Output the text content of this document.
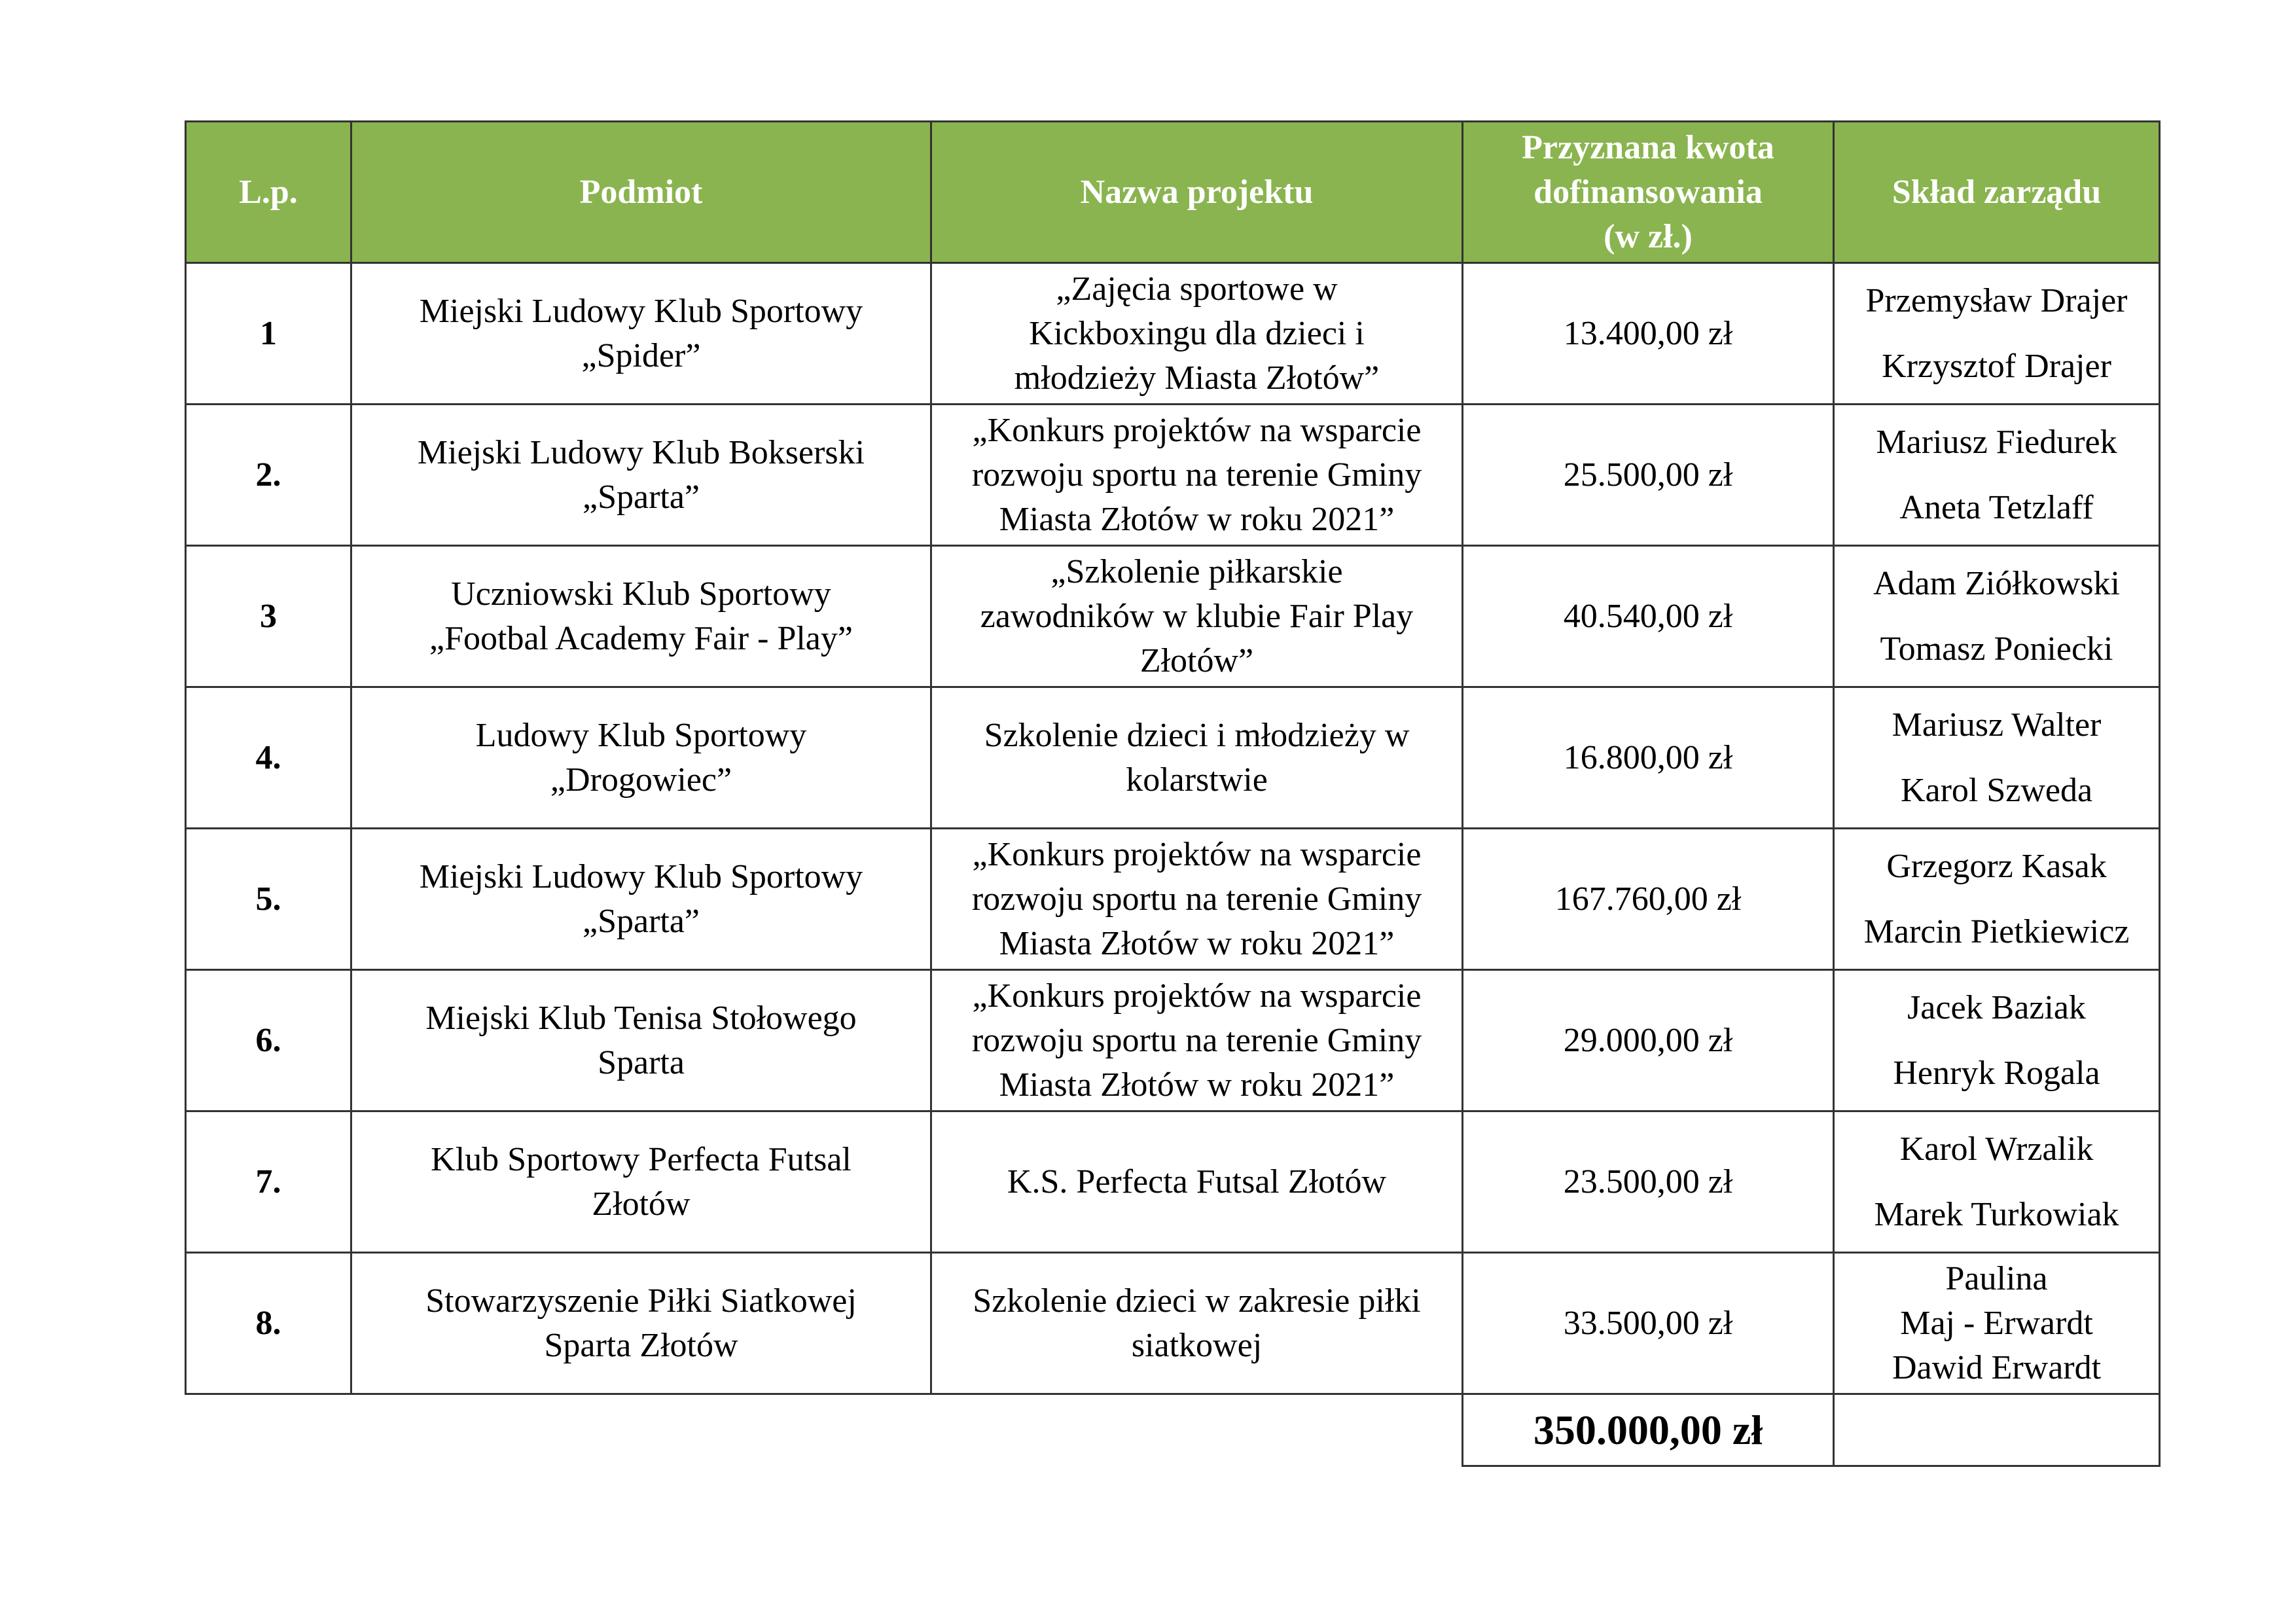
L.p.	Podmiot	Nazwa projektu	Przyznana kwota
dofinansowania
(w zł.)	Skład zarządu
1	Miejski Ludowy Klub Sportowy
„Spider”	„Zajęcia sportowe w
Kickboxingu dla dzieci i
młodzieży Miasta Złotów”	13.400,00 zł	Przemysław Drajer
Krzysztof Drajer

2.	Miejski Ludowy Klub Bokserski
„Sparta”	„Konkurs projektów na wsparcie
rozwoju sportu na terenie Gminy
Miasta Złotów w roku 2021”	25.500,00 zł	Mariusz Fiedurek
Aneta Tetzlaff

3	Uczniowski Klub Sportowy
„Footbal Academy Fair - Play”	„Szkolenie piłkarskie
zawodników w klubie Fair Play
Złotów”	40.540,00 zł	Adam Ziółkowski
Tomasz Poniecki

4.	Ludowy Klub Sportowy
„Drogowiec”	Szkolenie dzieci i młodzieży w
kolarstwie	16.800,00 zł	Mariusz Walter
Karol Szweda

5.	Miejski Ludowy Klub Sportowy
„Sparta”	„Konkurs projektów na wsparcie
rozwoju sportu na terenie Gminy
Miasta Złotów w roku 2021”	167.760,00 zł	Grzegorz Kasak
Marcin Pietkiewicz

6.	Miejski Klub Tenisa Stołowego
Sparta	„Konkurs projektów na wsparcie
rozwoju sportu na terenie Gminy
Miasta Złotów w roku 2021”	29.000,00 zł	Jacek Baziak
Henryk Rogala

7.	Klub Sportowy Perfecta Futsal
Złotów	K.S. Perfecta Futsal Złotów	23.500,00 zł	Karol Wrzalik
Marek Turkowiak

8.	Stowarzyszenie Piłki Siatkowej
Sparta Złotów	Szkolenie dzieci w zakresie piłki
siatkowej	33.500,00 zł	Paulina
Maj - Erwardt
Dawid Erwardt

			350.000,00 zł	
